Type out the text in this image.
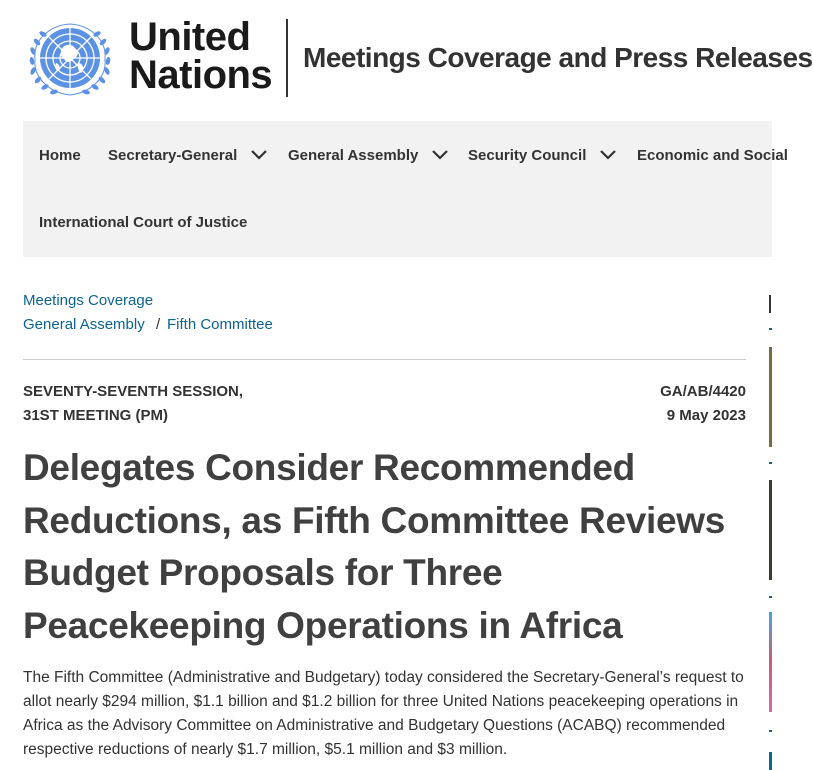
United
Nations Meetings Coverage and Press Releases
Home Secretary-General	General Assembly	Security Council	Economic and Social
International Court of Justice
Meetings Coverage
General Assembly / Fifth Committee
SEVENTY-SEVENTH SESSION,
31ST MEETING (PM)
GA/AB/4420
9 May 2023
Delegates Consider Recommended Reductions, as Fifth Committee Reviews Budget Proposals for Three Peacekeeping Operations in Africa

The Fifth Committee (Administrative and Budgetary) today considered the Secretary-General’s request to allot nearly $294 million, $1.1 billion and $1.2 billion for three United Nations peacekeeping operations in Africa as the Advisory Committee on Administrative and Budgetary Questions (ACABQ) recommended respective reductions of nearly $1.7 million, $5.1 million and $3 million.
